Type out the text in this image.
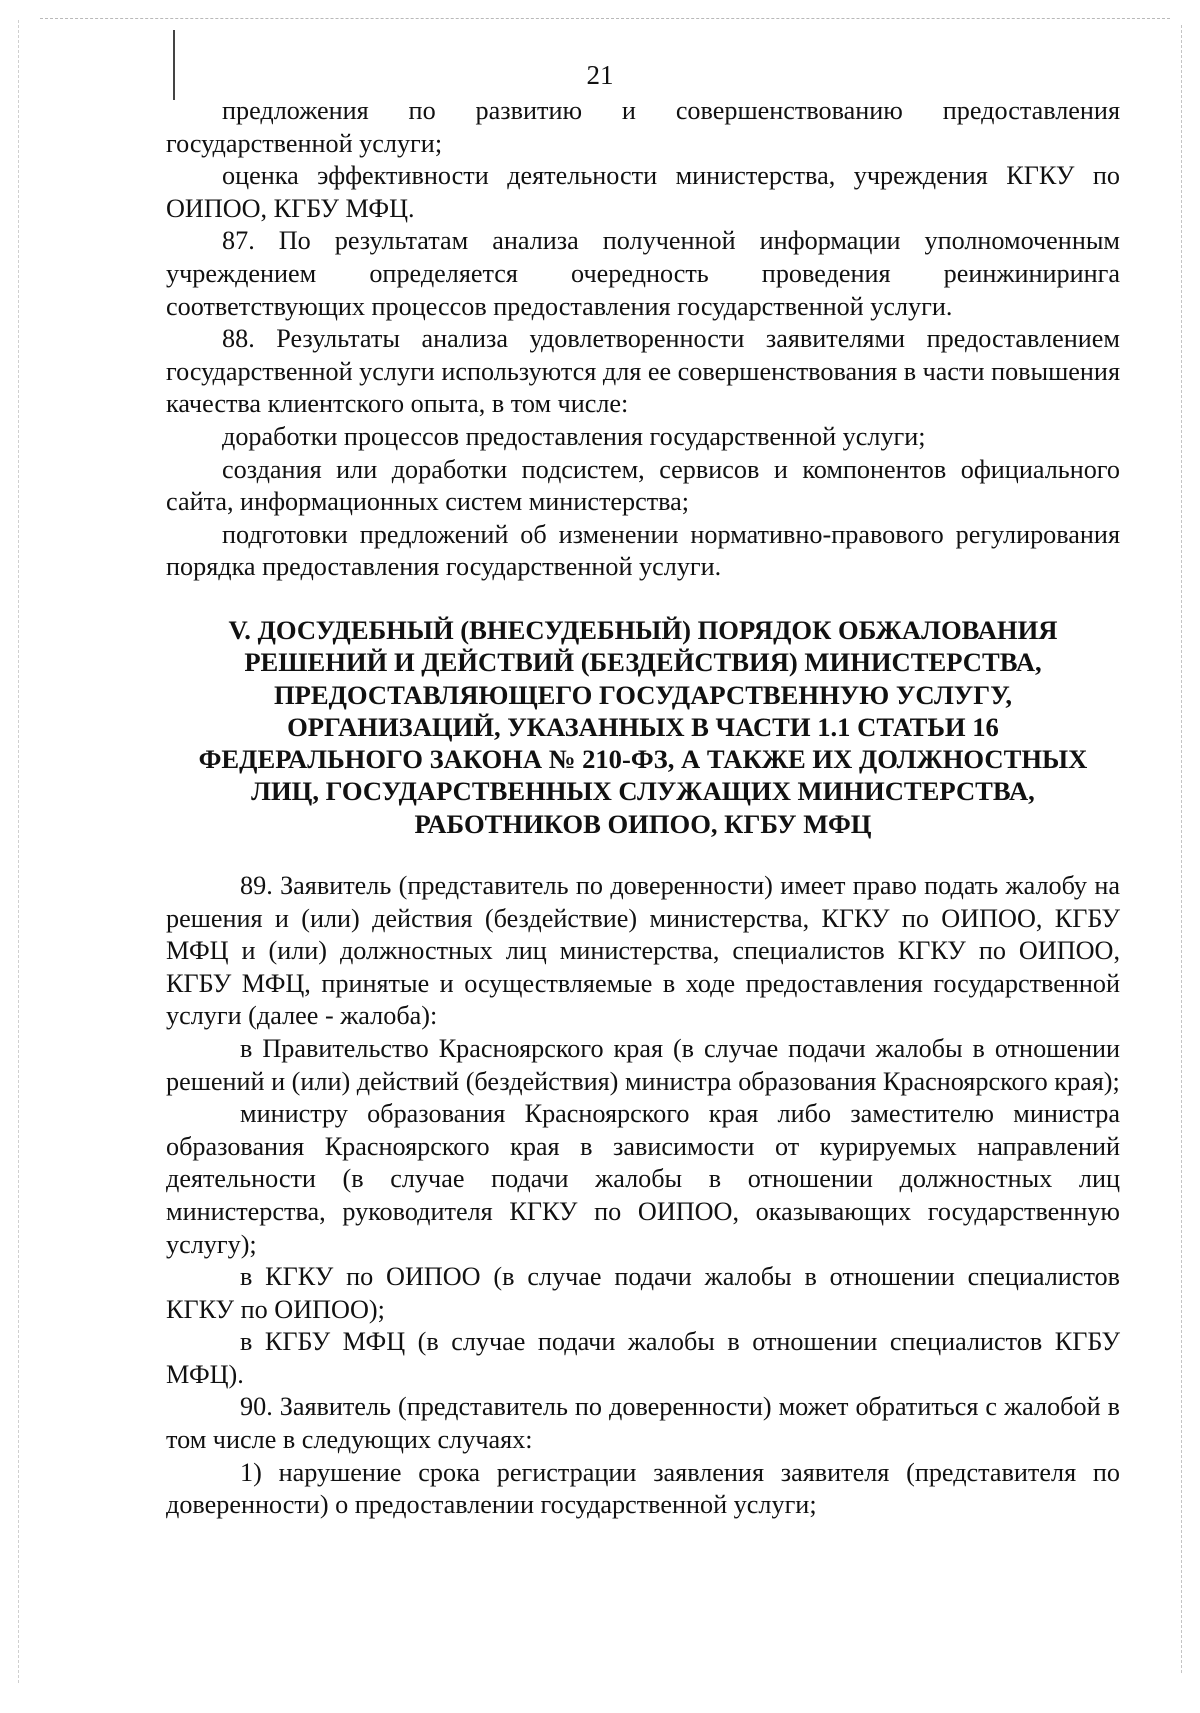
21

предложения по развитию и совершенствованию предоставления государственной услуги;

оценка эффективности деятельности министерства, учреждения КГКУ по ОИПОО, КГБУ МФЦ.

87. По результатам анализа полученной информации уполномоченным учреждением определяется очередность проведения реинжиниринга соответствующих процессов предоставления государственной услуги.

88. Результаты анализа удовлетворенности заявителями предоставлением государственной услуги используются для ее совершенствования в части повышения качества клиентского опыта, в том числе:

доработки процессов предоставления государственной услуги;

создания или доработки подсистем, сервисов и компонентов официального сайта, информационных систем министерства;

подготовки предложений об изменении нормативно-правового регулирования порядка предоставления государственной услуги.

V. ДОСУДЕБНЫЙ (ВНЕСУДЕБНЫЙ) ПОРЯДОК ОБЖАЛОВАНИЯ РЕШЕНИЙ И ДЕЙСТВИЙ (БЕЗДЕЙСТВИЯ) МИНИСТЕРСТВА, ПРЕДОСТАВЛЯЮЩЕГО ГОСУДАРСТВЕННУЮ УСЛУГУ, ОРГАНИЗАЦИЙ, УКАЗАННЫХ В ЧАСТИ 1.1 СТАТЬИ 16 ФЕДЕРАЛЬНОГО ЗАКОНА № 210-ФЗ, А ТАКЖЕ ИХ ДОЛЖНОСТНЫХ ЛИЦ, ГОСУДАРСТВЕННЫХ СЛУЖАЩИХ МИНИСТЕРСТВА, РАБОТНИКОВ ОИПОО, КГБУ МФЦ

89. Заявитель (представитель по доверенности) имеет право подать жалобу на решения и (или) действия (бездействие) министерства, КГКУ по ОИПОО, КГБУ МФЦ и (или) должностных лиц министерства, специалистов КГКУ по ОИПОО, КГБУ МФЦ, принятые и осуществляемые в ходе предоставления государственной услуги (далее - жалоба):

в Правительство Красноярского края (в случае подачи жалобы в отношении решений и (или) действий (бездействия) министра образования Красноярского края);

министру образования Красноярского края либо заместителю министра образования Красноярского края в зависимости от курируемых направлений деятельности (в случае подачи жалобы в отношении должностных лиц министерства, руководителя КГКУ по ОИПОО, оказывающих государственную услугу);

в КГКУ по ОИПОО (в случае подачи жалобы в отношении специалистов КГКУ по ОИПОО);

в КГБУ МФЦ (в случае подачи жалобы в отношении специалистов КГБУ МФЦ).

90. Заявитель (представитель по доверенности) может обратиться с жалобой в том числе в следующих случаях:

1) нарушение срока регистрации заявления заявителя (представителя по доверенности) о предоставлении государственной услуги;
